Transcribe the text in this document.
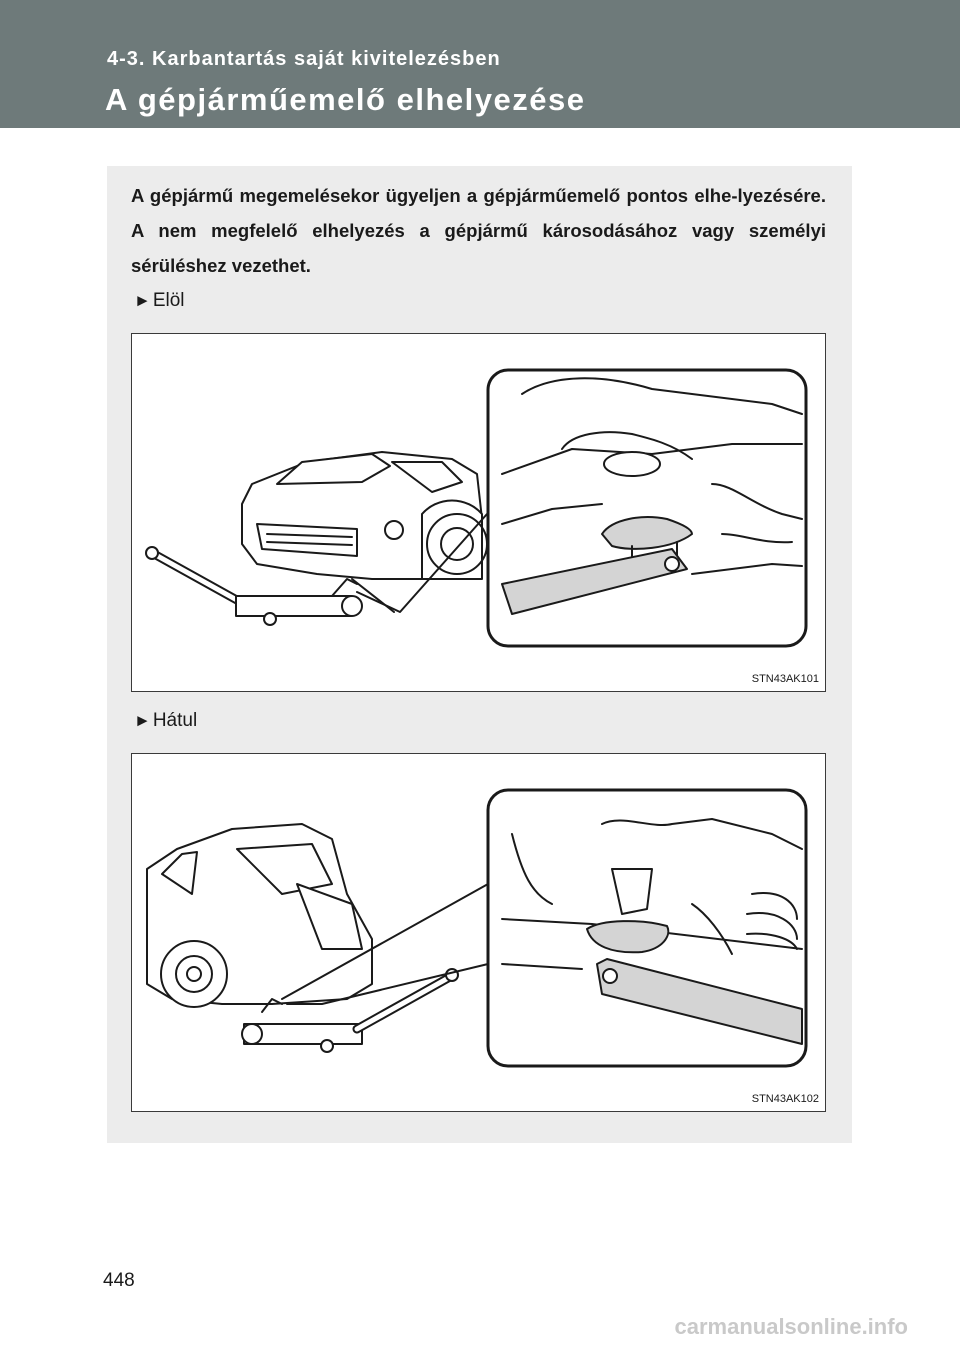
4-3. Karbantartás saját kivitelezésben
A gépjárműemelő elhelyezése
A gépjármű megemelésekor ügyeljen a gépjárműemelő pontos elhe-lyezésére. A nem megfelelő elhelyezés a gépjármű károsodásához vagy személyi sérüléshez vezethet.
► Elöl
STN43AK101
► Hátul
STN43AK102
448
carmanualsonline.info
